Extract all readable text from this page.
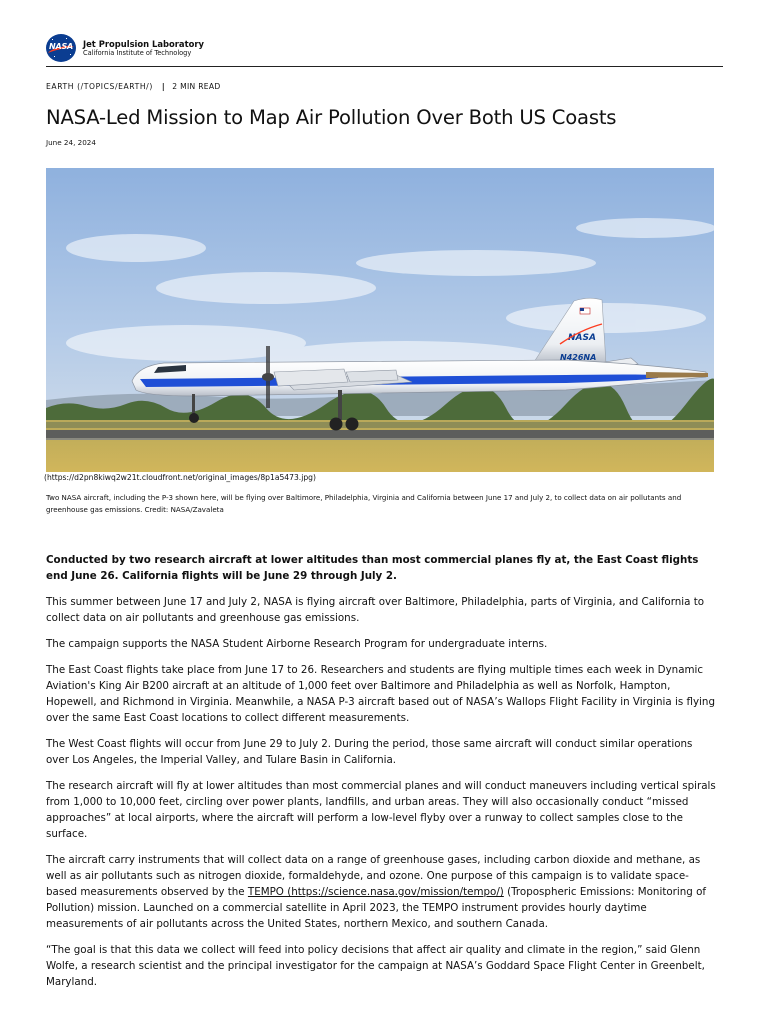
NASA	Jet Propulsion Laboratory
California Institute of Technology
EARTH (/TOPICS/EARTH/) | 2 MIN READ
NASA-Led Mission to Map Air Pollution Over Both US Coasts
June 24, 2024
NASA
N426NA
(https://d2pn8kiwq2w21t.cloudfront.net/original_images/8p1a5473.jpg)
Two NASA aircraft, including the P-3 shown here, will be flying over Baltimore, Philadelphia, Virginia and California between June 17 and July 2, to collect data on air pollutants and greenhouse gas emissions. Credit: NASA/Zavaleta

Conducted by two research aircraft at lower altitudes than most commercial planes fly at, the East Coast flights end June 26. California flights will be June 29 through July 2.

This summer between June 17 and July 2, NASA is flying aircraft over Baltimore, Philadelphia, parts of Virginia, and California to collect data on air pollutants and greenhouse gas emissions.

The campaign supports the NASA Student Airborne Research Program for undergraduate interns.

The East Coast flights take place from June 17 to 26. Researchers and students are flying multiple times each week in Dynamic Aviation's King Air B200 aircraft at an altitude of 1,000 feet over Baltimore and Philadelphia as well as Norfolk, Hampton, Hopewell, and Richmond in Virginia. Meanwhile, a NASA P-3 aircraft based out of NASA’s Wallops Flight Facility in Virginia is flying over the same East Coast locations to collect different measurements.

The West Coast flights will occur from June 29 to July 2. During the period, those same aircraft will conduct similar operations over Los Angeles, the Imperial Valley, and Tulare Basin in California.

The research aircraft will fly at lower altitudes than most commercial planes and will conduct maneuvers including vertical spirals from 1,000 to 10,000 feet, circling over power plants, landfills, and urban areas. They will also occasionally conduct “missed approaches” at local airports, where the aircraft will perform a low-level flyby over a runway to collect samples close to the surface.

The aircraft carry instruments that will collect data on a range of greenhouse gases, including carbon dioxide and methane, as well as air pollutants such as nitrogen dioxide, formaldehyde, and ozone. One purpose of this campaign is to validate space-based measurements observed by the TEMPO (https://science.nasa.gov/mission/tempo/) (Tropospheric Emissions: Monitoring of Pollution) mission. Launched on a commercial satellite in April 2023, the TEMPO instrument provides hourly daytime measurements of air pollutants across the United States, northern Mexico, and southern Canada.

“The goal is that this data we collect will feed into policy decisions that affect air quality and climate in the region,” said Glenn Wolfe, a research scientist and the principal investigator for the campaign at NASA’s Goddard Space Flight Center in Greenbelt, Maryland.
